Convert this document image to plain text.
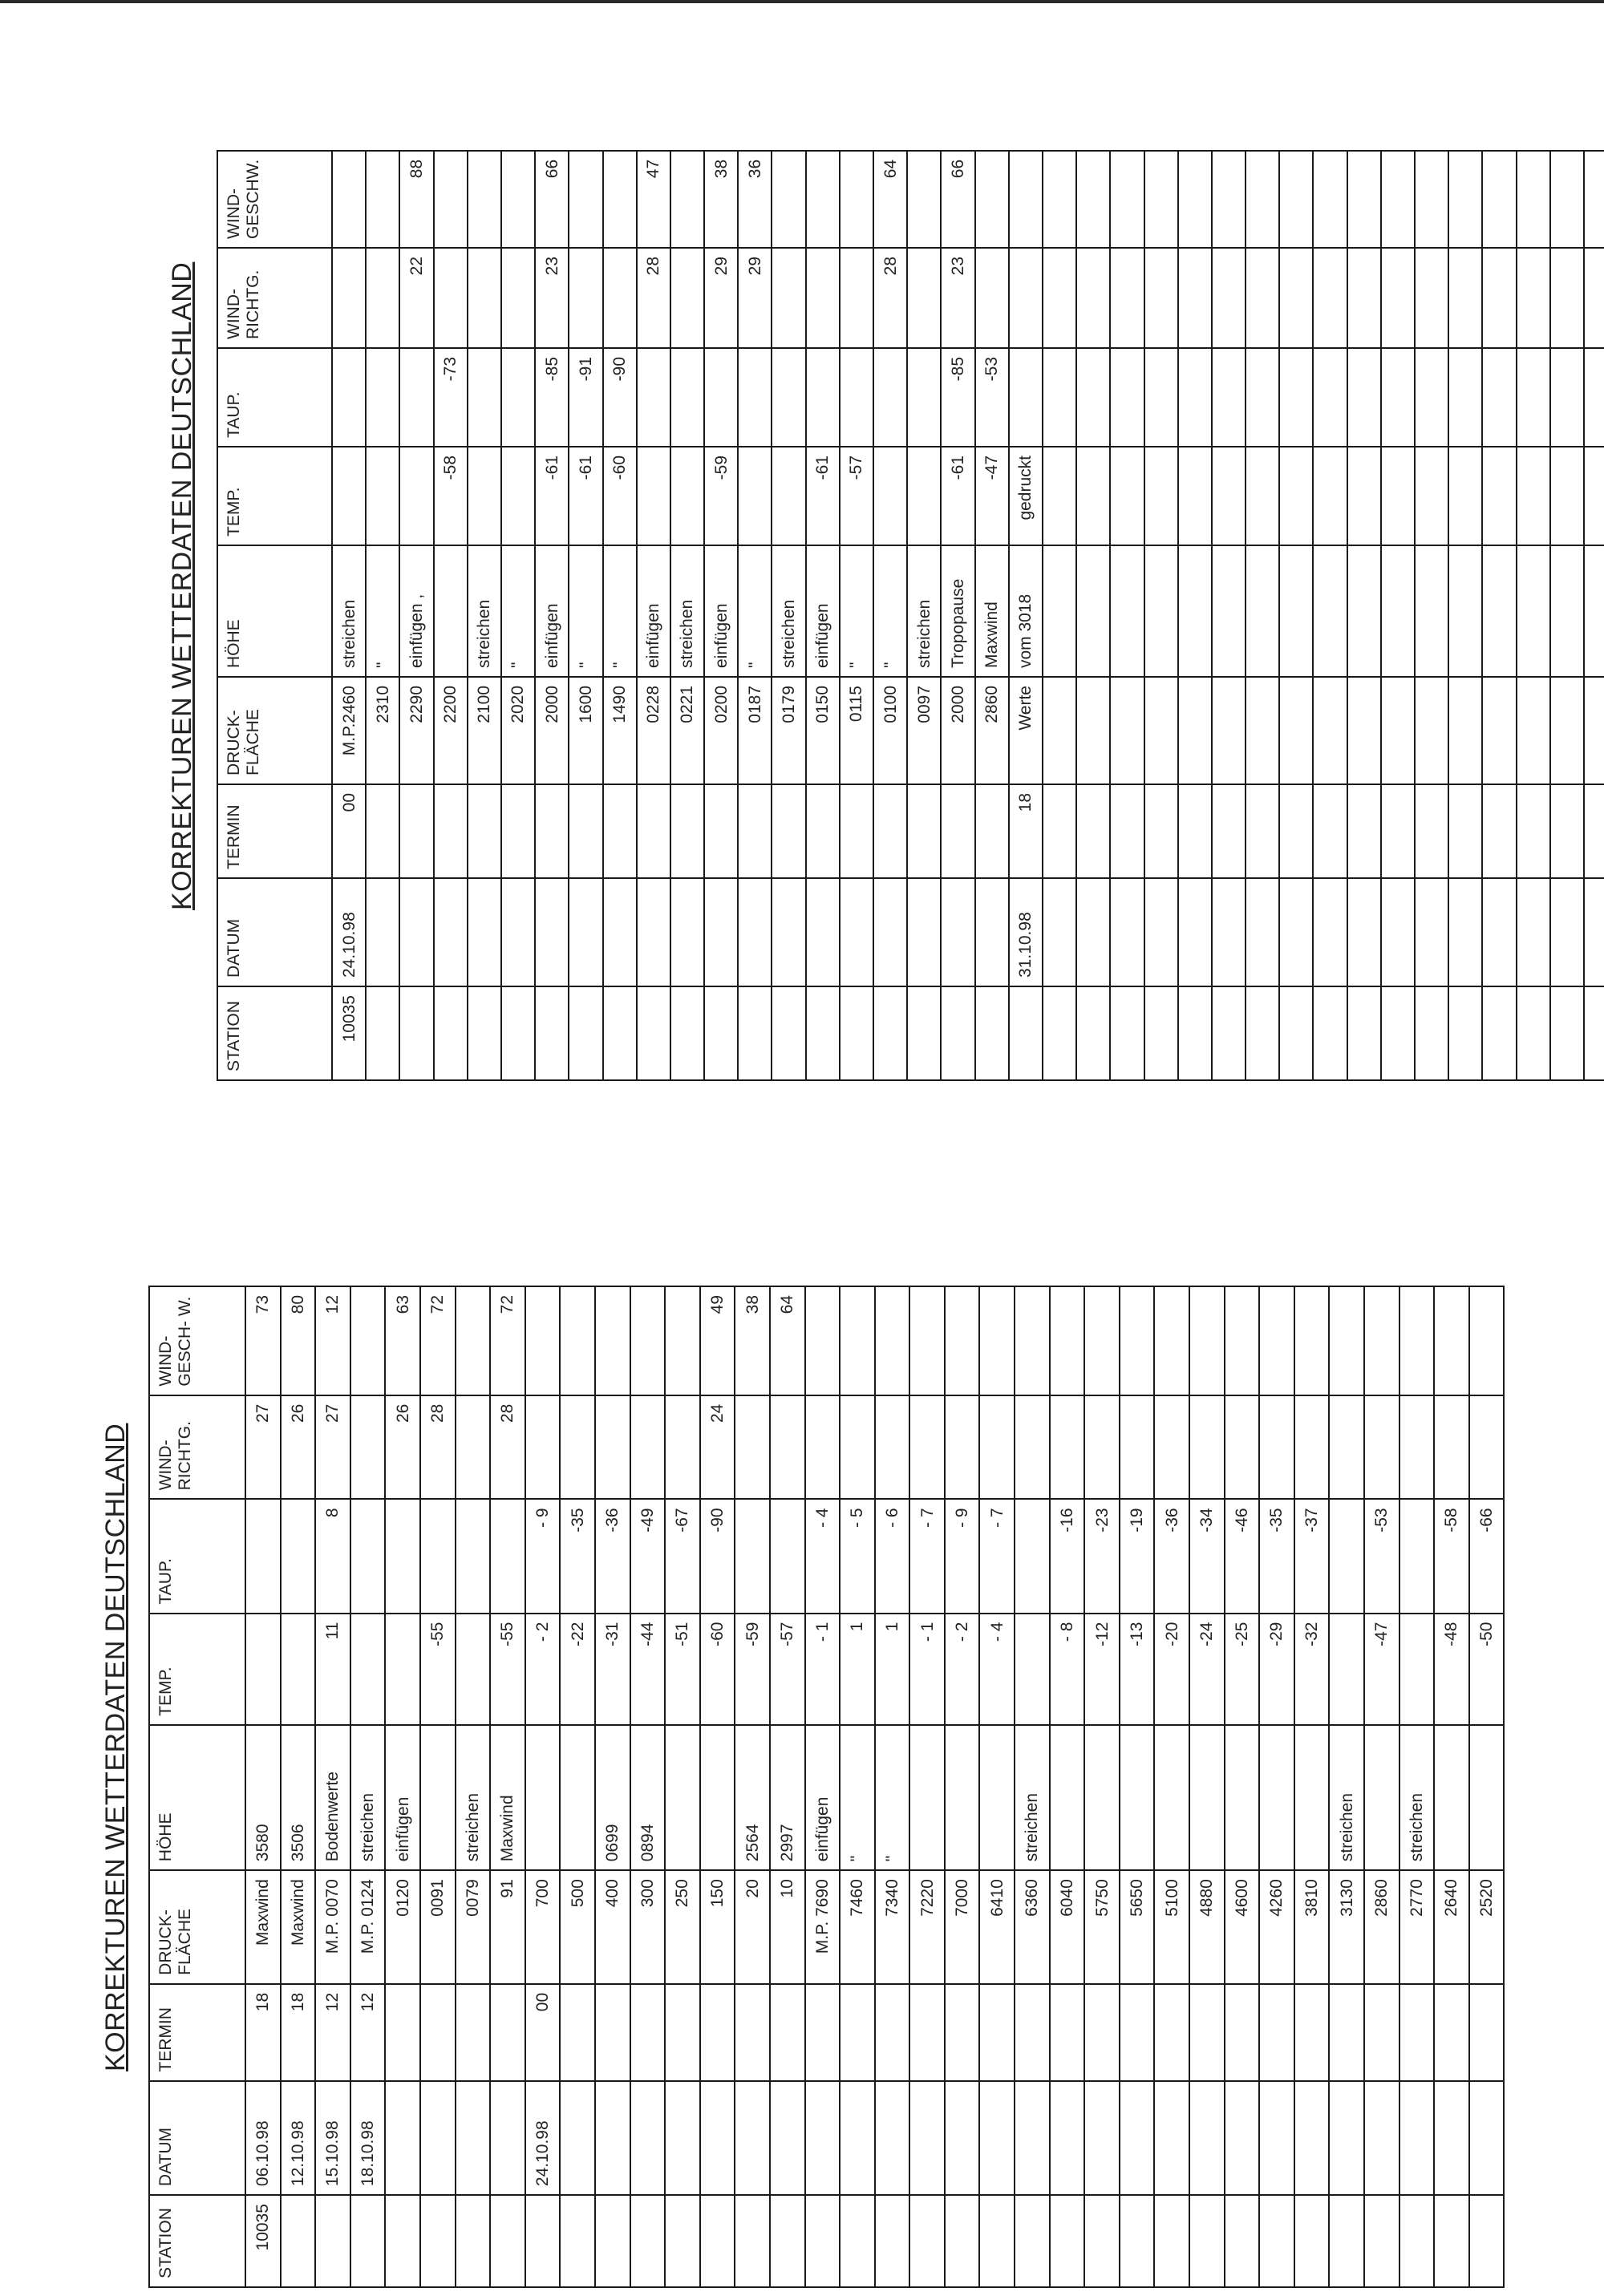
KORREKTUREN WETTERDATEN DEUTSCHLAND
STATION	DATUM	TERMIN	DRUCK- FLÄCHE	HÖHE	TEMP.	TAUP.	WIND- RICHTG.	WIND- GESCHW.
10035	24.10.98	00	M.P.2460	streichen				
			2310	"				
			2290	einfügen ,			22	88
			2200		-58	-73		
			2100	streichen				
			2020	"				
			2000	einfügen	-61	-85	23	66
			1600	"	-61	-91		
			1490	"	-60	-90		
			0228	einfügen			28	47
			0221	streichen				
			0200	einfügen	-59		29	38
			0187	"			29	36
			0179	streichen				
			0150	einfügen	-61			
			0115	"	-57			
			0100	"			28	64
			0097	streichen				
			2000	Tropopause	-61	-85	23	66
			2860	Maxwind	-47	-53		
	31.10.98	18	Werte	vom 3018	gedruckt			

KORREKTUREN WETTERDATEN DEUTSCHLAND
STATION	DATUM	TERMIN	DRUCK- FLÄCHE	HÖHE	TEMP.	TAUP.	WIND- RICHTG.	WIND- GESCH- W.
10035	06.10.98	18	Maxwind	3580			27	73
	12.10.98	18	Maxwind	3506			26	80
	15.10.98	12	M.P. 0070	Bodenwerte	11	8	27	12
	18.10.98	12	M.P. 0124	streichen				
			0120	einfügen			26	63
			0091		-55		28	72
			0079	streichen				
			91	Maxwind	-55		28	72
	24.10.98	00	700		- 2	- 9		
			500		-22	-35		
			400	0699	-31	-36		
			300	0894	-44	-49		
			250		-51	-67		
			150		-60	-90	24	49
			20	2564	-59			38
			10	2997	-57			64
			M.P. 7690	einfügen	- 1	- 4		
			7460	"	1	- 5		
			7340	"	1	- 6		
			7220		- 1	- 7		
			7000		- 2	- 9		
			6410		- 4	- 7		
			6360	streichen				
			6040		- 8	-16		
			5750		-12	-23		
			5650		-13	-19		
			5100		-20	-36		
			4880		-24	-34		
			4600		-25	-46		
			4260		-29	-35		
			3810		-32	-37		
			3130	streichen				
			2860		-47	-53		
			2770	streichen				
			2640		-48	-58		
			2520		-50	-66		
